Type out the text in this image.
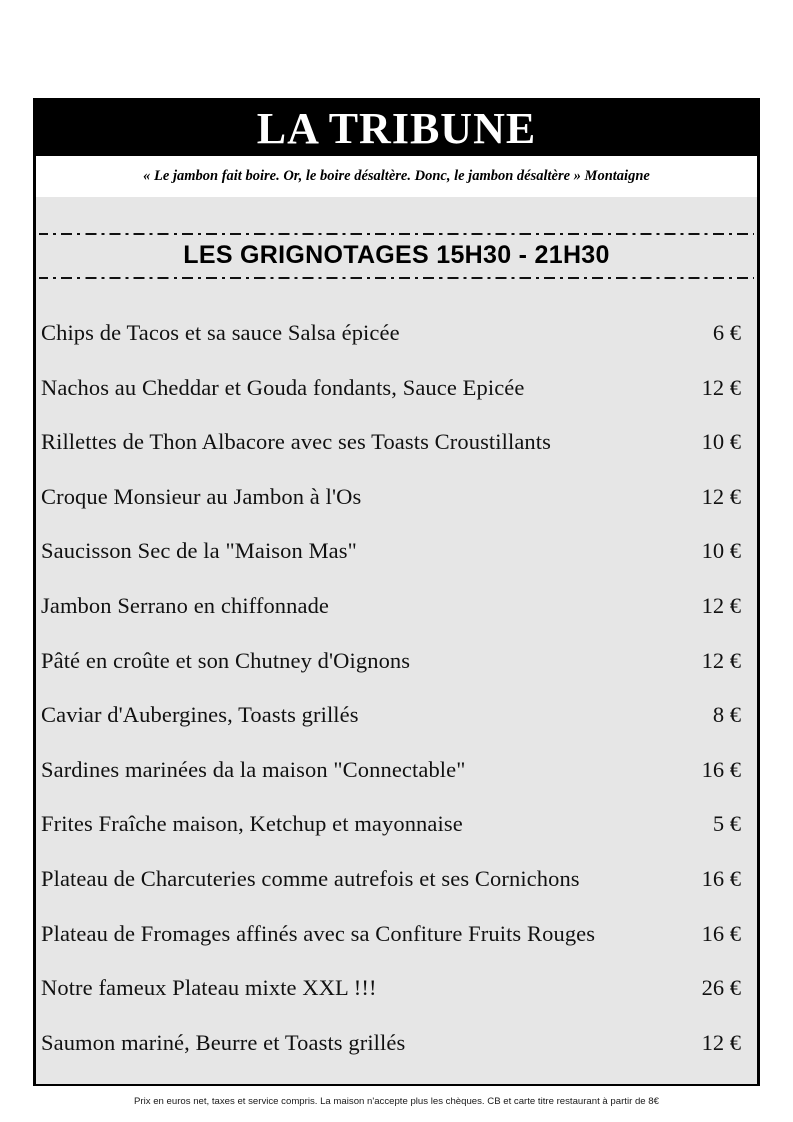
LA TRIBUNE
« Le jambon fait boire. Or, le boire désaltère. Donc, le jambon désaltère » Montaigne
LES GRIGNOTAGES 15H30 - 21H30
Chips de Tacos et sa sauce Salsa épicée	6 €
Nachos au Cheddar et Gouda fondants, Sauce Epicée	12 €
Rillettes de Thon Albacore avec ses Toasts Croustillants	10 €
Croque Monsieur au Jambon à l'Os	12 €
Saucisson Sec de la "Maison Mas"	10 €
Jambon Serrano en chiffonnade	12 €
Pâté en croûte et son Chutney d'Oignons	12 €
Caviar d'Aubergines, Toasts grillés	8 €
Sardines marinées da la maison "Connectable"	16 €
Frites Fraîche maison, Ketchup et mayonnaise	5 €
Plateau de Charcuteries comme autrefois et ses Cornichons	16 €
Plateau de Fromages affinés avec sa Confiture Fruits Rouges	16 €
Notre fameux Plateau mixte XXL !!!	26 €
Saumon mariné, Beurre et Toasts grillés	12 €
Prix en euros net, taxes et service compris. La maison n'accepte plus les chèques. CB et carte titre restaurant à partir de 8€
